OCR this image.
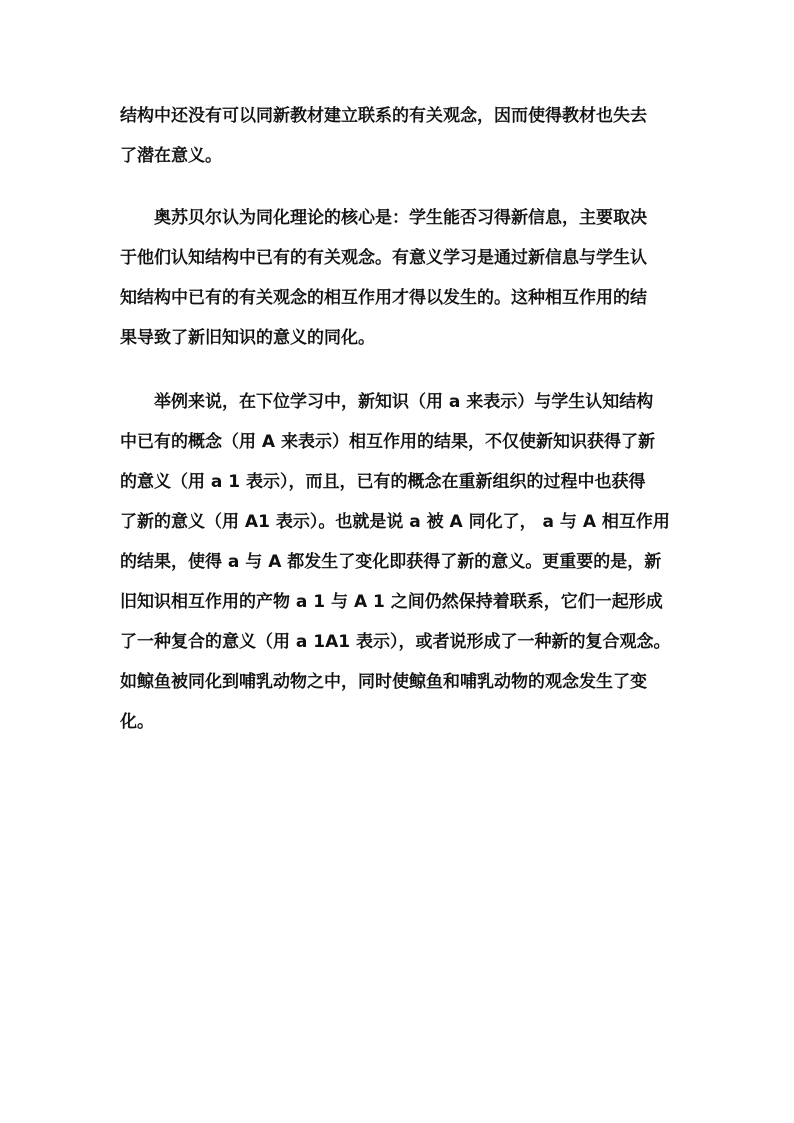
结构中还没有可以同新教材建立联系的有关观念，因而使得教材也失去
了潜在意义。

奥苏贝尔认为同化理论的核心是：学生能否习得新信息，主要取决
于他们认知结构中已有的有关观念。有意义学习是通过新信息与学生认
知结构中已有的有关观念的相互作用才得以发生的。这种相互作用的结
果导致了新旧知识的意义的同化。

举例来说，在下位学习中，新知识（用 a 来表示）与学生认知结构
中已有的概念（用 A 来表示）相互作用的结果，不仅使新知识获得了新
的意义（用 a 1 表示），而且，已有的概念在重新组织的过程中也获得
了新的意义（用 A1 表示）。也就是说 a 被 A 同化了， a 与 A 相互作用
的结果，使得 a 与 A 都发生了变化即获得了新的意义。更重要的是，新
旧知识相互作用的产物 a 1 与 A 1 之间仍然保持着联系，它们一起形成
了一种复合的意义（用 a 1A1 表示），或者说形成了一种新的复合观念。
如鲸鱼被同化到哺乳动物之中，同时使鲸鱼和哺乳动物的观念发生了变
化。
